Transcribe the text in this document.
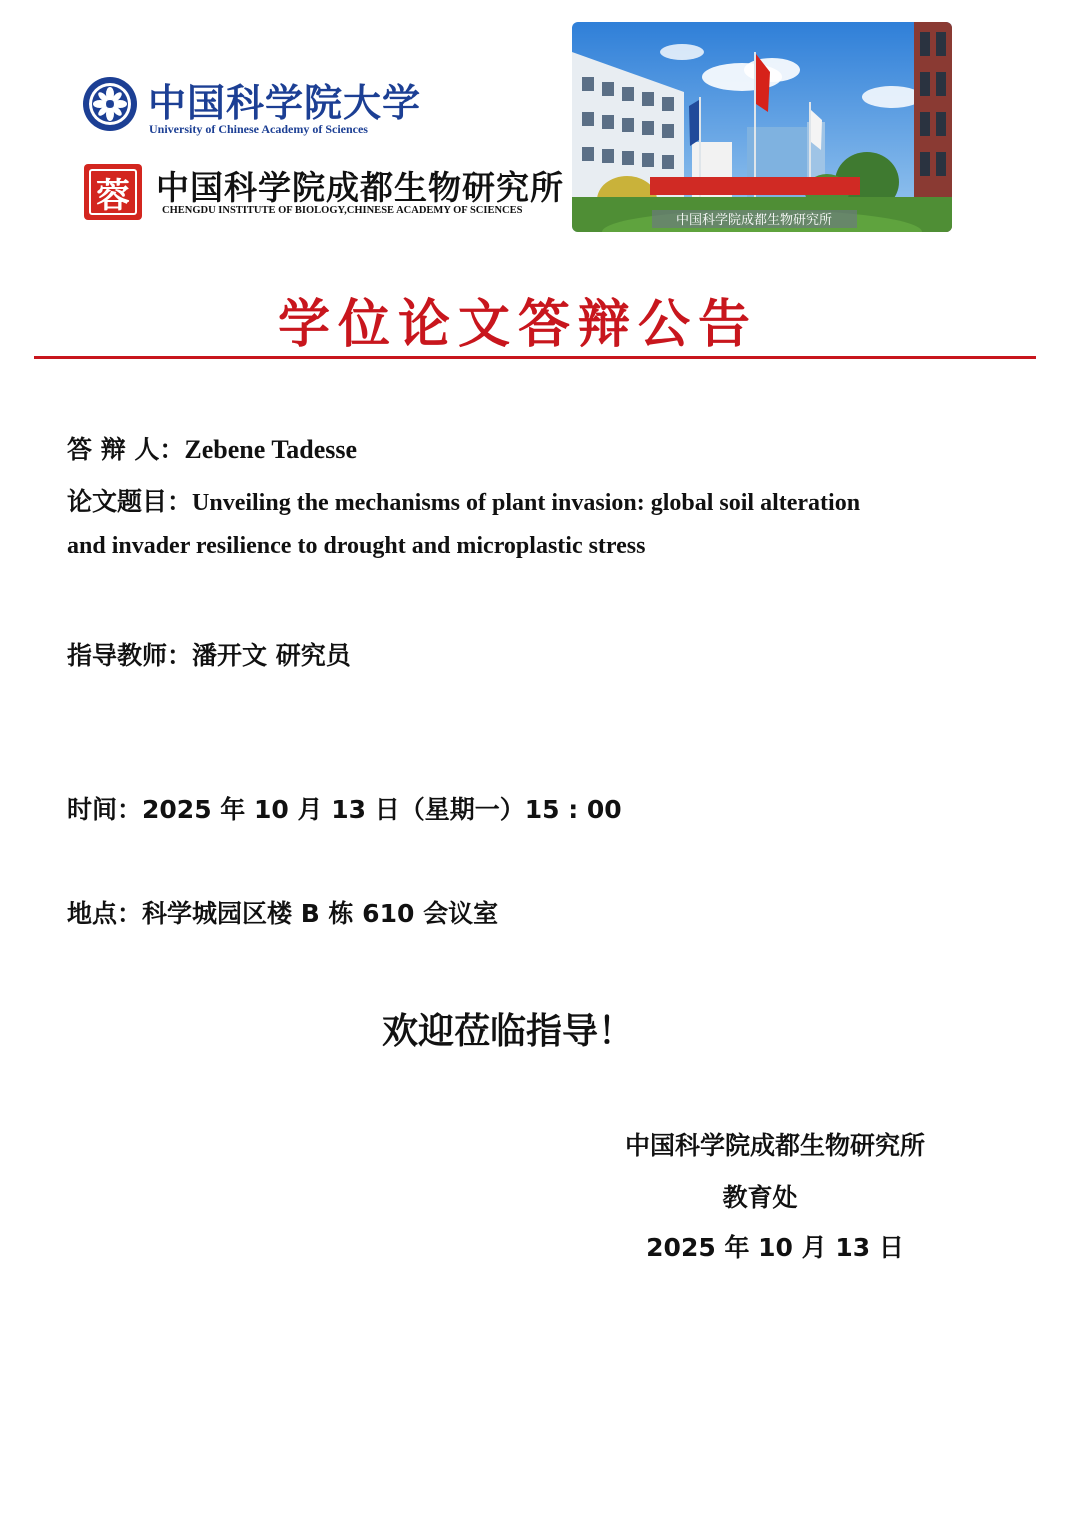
中国科学院大学
University of Chinese Academy of Sciences
蓉 中国科学院成都生物研究所
CHENGDU INSTITUTE OF BIOLOGY,CHINESE ACADEMY OF SCIENCES
中国科学院成都生物研究所
学位论文答辩公告
答 辩 人：Zebene Tadesse
论文题目：Unveiling the mechanisms of plant invasion: global soil alteration
and invader resilience to drought and microplastic stress
指导教师：潘开文 研究员
时间：2025 年 10 月 13 日（星期一）15 : 00
地点：科学城园区楼 B 栋 610 会议室
欢迎莅临指导！
中国科学院成都生物研究所
教育处
2025 年 10 月 13 日
